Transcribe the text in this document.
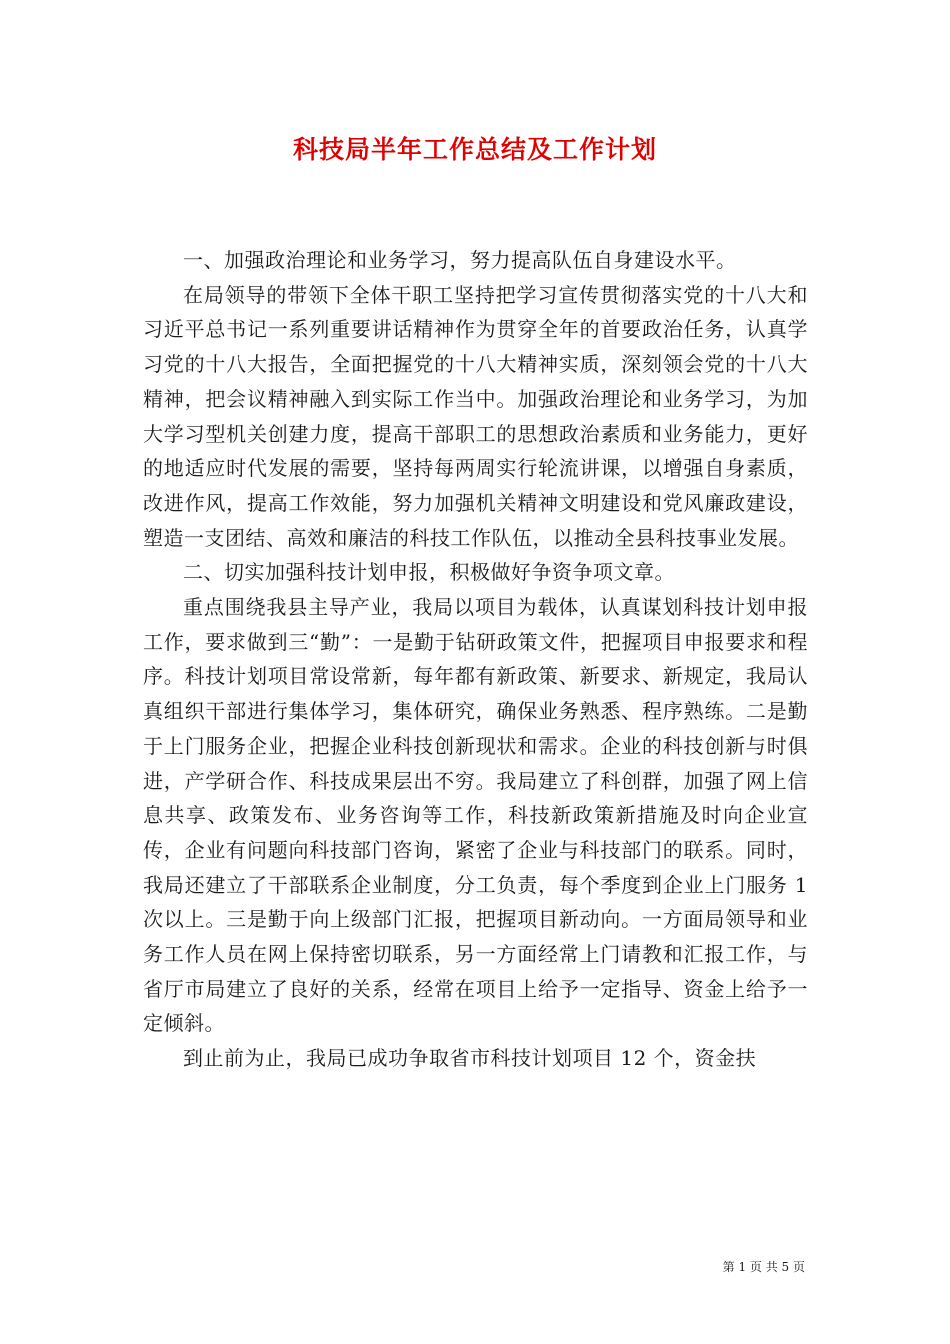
科技局半年工作总结及工作计划

一、加强政治理论和业务学习，努力提高队伍自身建设水平。

在局领导的带领下全体干职工坚持把学习宣传贯彻落实党的十八大和习近平总书记一系列重要讲话精神作为贯穿全年的首要政治任务，认真学习党的十八大报告，全面把握党的十八大精神实质，深刻领会党的十八大精神，把会议精神融入到实际工作当中。加强政治理论和业务学习，为加大学习型机关创建力度，提高干部职工的思想政治素质和业务能力，更好的地适应时代发展的需要，坚持每两周实行轮流讲课，以增强自身素质，改进作风，提高工作效能，努力加强机关精神文明建设和党风廉政建设，塑造一支团结、高效和廉洁的科技工作队伍，以推动全县科技事业发展。

二、切实加强科技计划申报，积极做好争资争项文章。

重点围绕我县主导产业，我局以项目为载体，认真谋划科技计划申报工作，要求做到三“勤”：一是勤于钻研政策文件，把握项目申报要求和程序。科技计划项目常设常新，每年都有新政策、新要求、新规定，我局认真组织干部进行集体学习，集体研究，确保业务熟悉、程序熟练。二是勤于上门服务企业，把握企业科技创新现状和需求。企业的科技创新与时俱进，产学研合作、科技成果层出不穷。我局建立了科创群，加强了网上信息共享、政策发布、业务咨询等工作，科技新政策新措施及时向企业宣传，企业有问题向科技部门咨询，紧密了企业与科技部门的联系。同时，我局还建立了干部联系企业制度，分工负责，每个季度到企业上门服务 1 次以上。三是勤于向上级部门汇报，把握项目新动向。一方面局领导和业务工作人员在网上保持密切联系，另一方面经常上门请教和汇报工作，与省厅市局建立了良好的关系，经常在项目上给予一定指导、资金上给予一定倾斜。

到止前为止，我局已成功争取省市科技计划项目 12 个，资金扶

第 1 页 共 5 页
